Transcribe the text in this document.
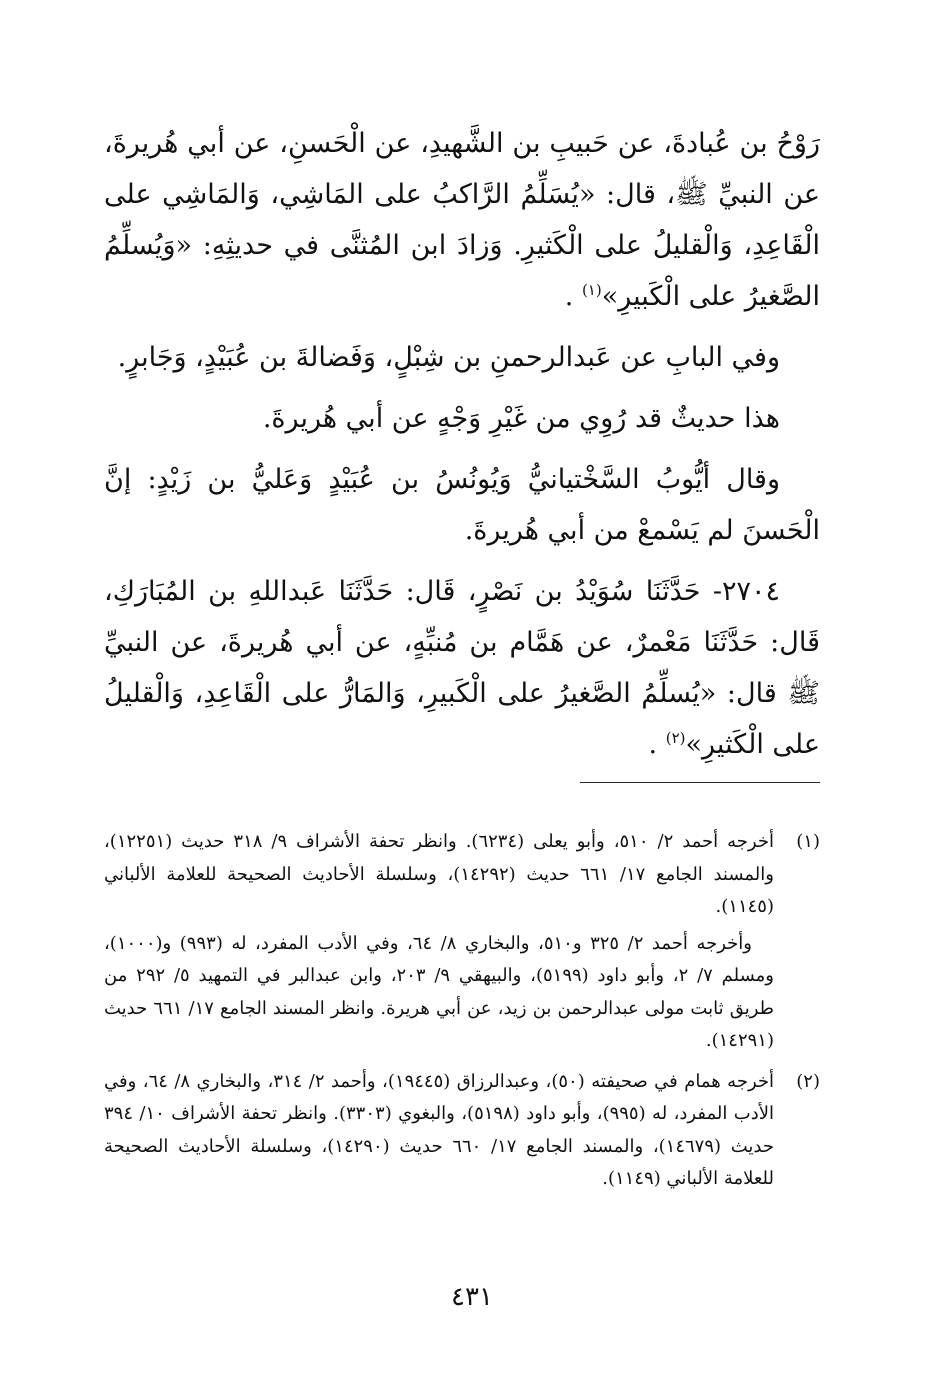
رَوْحُ بن عُبادةَ، عن حَبيبِ بن الشَّهيدِ، عن الْحَسنِ، عن أبي هُريرةَ، عن النبيِّ ﷺ، قال: «يُسَلِّمُ الرَّاكبُ على المَاشِي، وَالمَاشِي على الْقَاعِدِ، وَالْقليلُ على الْكَثيرِ. وَزادَ ابن المُثنَّى في حديثِهِ: «وَيُسلِّمُ الصَّغيرُ على الْكَبيرِ»$^{(١)}$ .

وفي البابِ عن عَبدالرحمنِ بن شِبْلٍ، وَفَضالةَ بن عُبَيْدٍ، وَجَابرٍ.

هذا حديثٌ قد رُوِي من غَيْرِ وَجْهٍ عن أبي هُريرةَ.

وقال أيُّوبُ السَّخْتيانيُّ وَيُونُسُ بن عُبَيْدٍ وَعَليُّ بن زَيْدٍ: إنَّ الْحَسنَ لم يَسْمعْ من أبي هُريرةَ.

٢٧٠٤- حَدَّثَنَا سُوَيْدُ بن نَصْرٍ، قَال: حَدَّثَنَا عَبداللهِ بن المُبَارَكِ، قَال: حَدَّثَنَا مَعْمرٌ، عن هَمَّام بن مُنبِّهٍ، عن أبي هُريرةَ، عن النبيِّ ﷺ قال: «يُسلِّمُ الصَّغيرُ على الْكَبيرِ، وَالمَارُّ على الْقَاعِدِ، وَالْقليلُ على الْكَثيرِ»$^{(٢)}$ .

(١)

أخرجه أحمد ٢/ ٥١٠، وأبو يعلى (٦٢٣٤). وانظر تحفة الأشراف ٩/ ٣١٨ حديث (١٢٢٥١)، والمسند الجامع ١٧/ ٦٦١ حديث (١٤٢٩٢)، وسلسلة الأحاديث الصحيحة للعلامة الألباني (١١٤٥).

وأخرجه أحمد ٢/ ٣٢٥ و٥١٠، والبخاري ٨/ ٦٤، وفي الأدب المفرد، له (٩٩٣) و(١٠٠٠)، ومسلم ٧/ ٢، وأبو داود (٥١٩٩)، والبيهقي ٩/ ٢٠٣، وابن عبدالبر في التمهيد ٥/ ٢٩٢ من طريق ثابت مولى عبدالرحمن بن زيد، عن أبي هريرة. وانظر المسند الجامع ١٧/ ٦٦١ حديث (١٤٢٩١).

(٢)

أخرجه همام في صحيفته (٥٠)، وعبدالرزاق (١٩٤٤٥)، وأحمد ٢/ ٣١٤، والبخاري ٨/ ٦٤، وفي الأدب المفرد، له (٩٩٥)، وأبو داود (٥١٩٨)، والبغوي (٣٣٠٣). وانظر تحفة الأشراف ١٠/ ٣٩٤ حديث (١٤٦٧٩)، والمسند الجامع ١٧/ ٦٦٠ حديث (١٤٢٩٠)، وسلسلة الأحاديث الصحيحة للعلامة الألباني (١١٤٩).

٤٣١
